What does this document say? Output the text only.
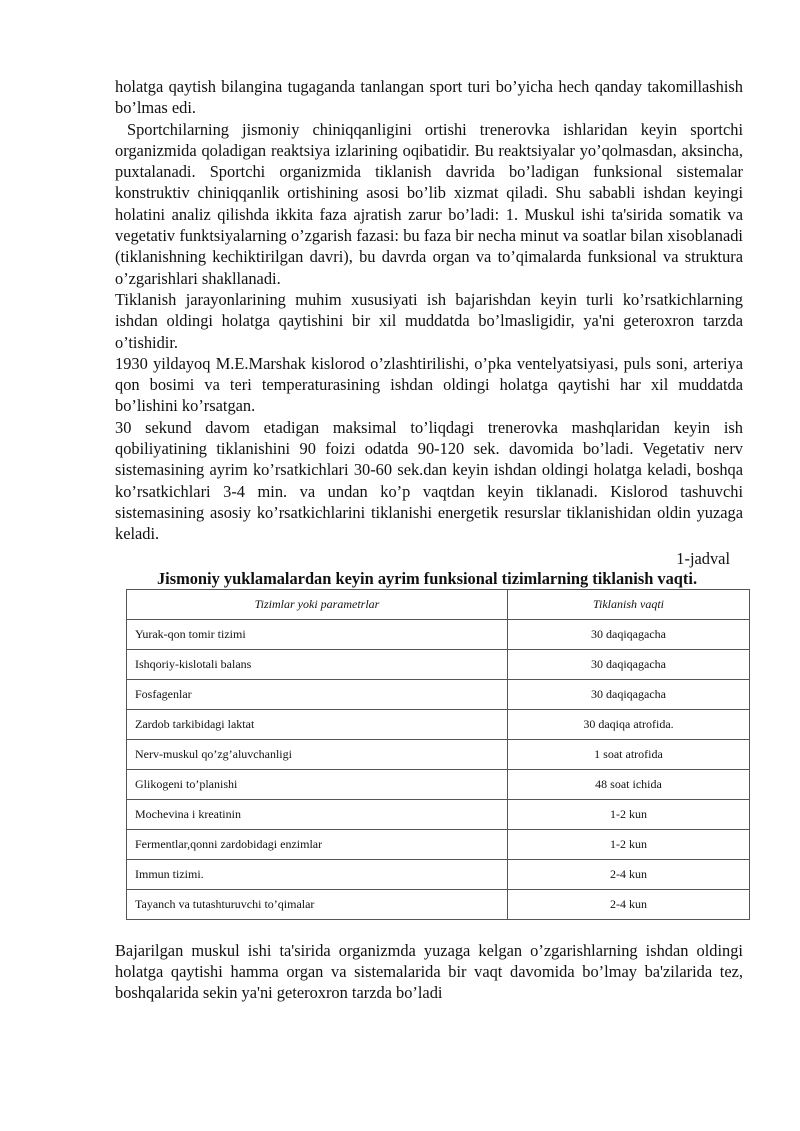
holatga qaytish bilangina tugaganda tanlangan sport turi bo’yicha hech qanday takomillashish bo’lmas edi.

Sportchilarning jismoniy chiniqqanligini ortishi trenerovka ishlaridan keyin sportchi organizmida qoladigan reaktsiya izlarining oqibatidir. Bu reaktsiyalar yo’qolmasdan, aksincha, puxtalanadi. Sportchi organizmida tiklanish davrida bo’ladigan funksional sistemalar konstruktiv chiniqqanlik ortishining asosi bo’lib xizmat qiladi. Shu sababli ishdan keyingi holatini analiz qilishda ikkita faza ajratish zarur bo’ladi: 1. Muskul ishi ta'sirida somatik va vegetativ funktsiyalarning o’zgarish fazasi: bu faza bir necha minut va soatlar bilan xisoblanadi (tiklanishning kechiktirilgan davri), bu davrda organ va to’qimalarda funksional va struktura o’zgarishlari shakllanadi.

Tiklanish jarayonlarining muhim xususiyati ish bajarishdan keyin turli ko’rsatkichlarning ishdan oldingi holatga qaytishini bir xil muddatda bo’lmasligidir, ya'ni geteroxron tarzda o’tishidir.

1930 yildayoq M.E.Marshak kislorod o’zlashtirilishi, o’pka ventelyatsiyasi, puls soni, arteriya qon bosimi va teri temperaturasining ishdan oldingi holatga qaytishi har xil muddatda bo’lishini ko’rsatgan.

30 sekund davom etadigan maksimal to’liqdagi trenerovka mashqlaridan keyin ish qobiliyatining tiklanishini 90 foizi odatda 90-120 sek. davomida bo’ladi. Vegetativ nerv sistemasining ayrim ko’rsatkichlari 30-60 sek.dan keyin ishdan oldingi holatga keladi, boshqa ko’rsatkichlari 3-4 min. va undan ko’p vaqtdan keyin tiklanadi. Kislorod tashuvchi sistemasining asosiy ko’rsatkichlarini tiklanishi energetik resurslar tiklanishidan oldin yuzaga keladi.

1-jadval
Jismoniy yuklamalardan keyin ayrim funksional tizimlarning tiklanish vaqti.
Tizimlar yoki parametrlar	Tiklanish vaqti
Yurak-qon tomir tizimi	30 daqiqagacha
Ishqoriy-kislotali balans	30 daqiqagacha
Fosfagenlar	30 daqiqagacha
Zardob tarkibidagi laktat	30 daqiqa atrofida.
Nerv-muskul qo’zg’aluvchanligi	1 soat atrofida
Glikogeni to’planishi	48 soat ichida
Mochevina i kreatinin	1-2 kun
Fermentlar,qonni zardobidagi enzimlar	1-2 kun
Immun tizimi.	2-4 kun
Tayanch va tutashturuvchi to’qimalar	2-4 kun

Bajarilgan muskul ishi ta'sirida organizmda yuzaga kelgan o’zgarishlarning ishdan oldingi holatga qaytishi hamma organ va sistemalarida bir vaqt davomida bo’lmay ba'zilarida tez, boshqalarida sekin ya'ni geteroxron tarzda bo’ladi
